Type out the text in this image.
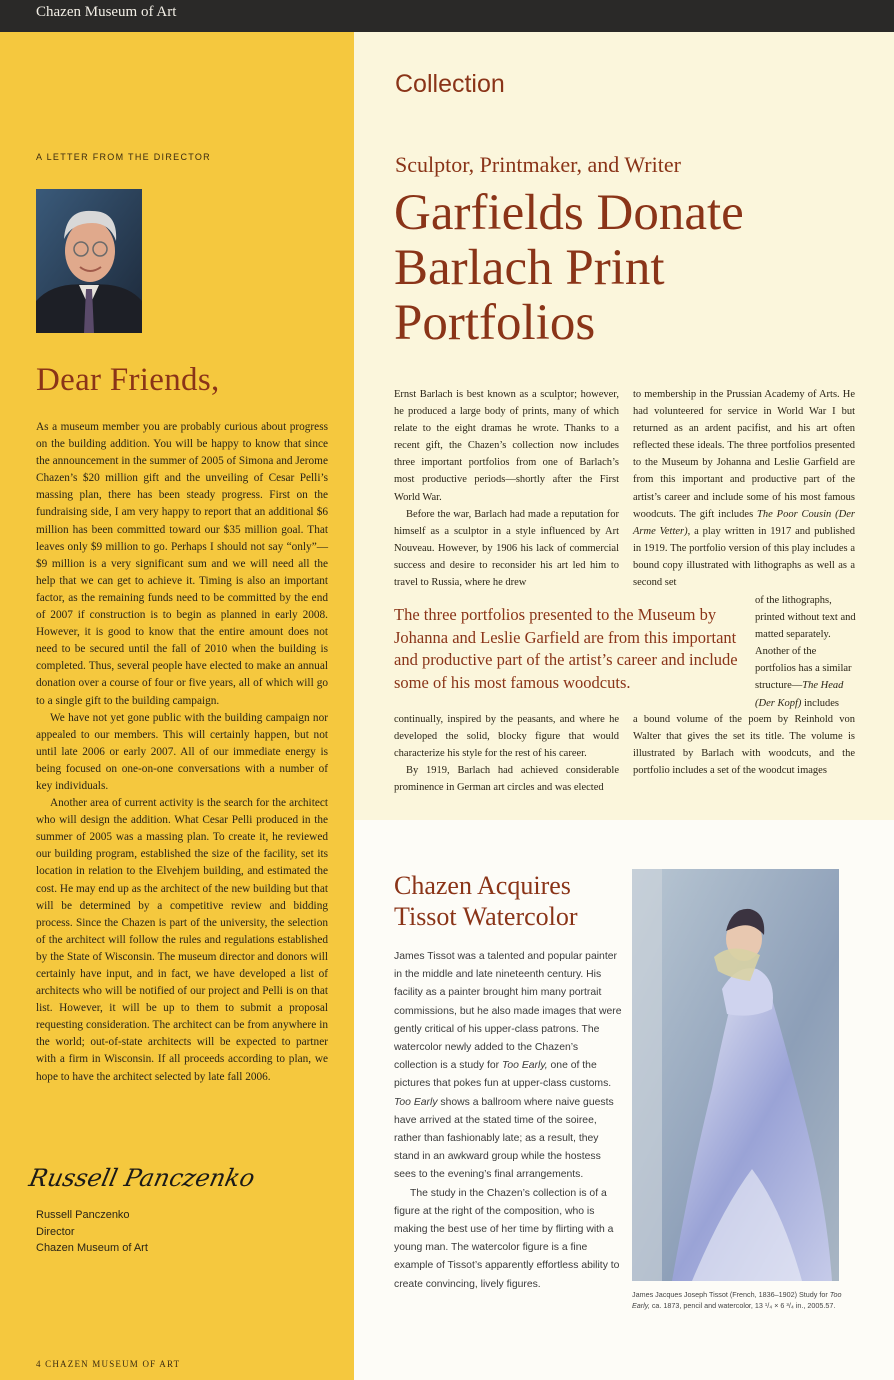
Chazen Museum of Art
A LETTER FROM THE DIRECTOR
Dear Friends,

As a museum member you are probably curious about progress on the building addition. You will be happy to know that since the announcement in the summer of 2005 of Simona and Jerome Chazen’s $20 million gift and the unveiling of Cesar Pelli’s massing plan, there has been steady progress. First on the fundraising side, I am very happy to report that an additional $6 million has been committed toward our $35 million goal. That leaves only $9 million to go. Perhaps I should not say “only”—$9 million is a very significant sum and we will need all the help that we can get to achieve it. Timing is also an important factor, as the remaining funds need to be committed by the end of 2007 if construction is to begin as planned in early 2008. However, it is good to know that the entire amount does not need to be secured until the fall of 2010 when the building is completed. Thus, several people have elected to make an annual donation over a course of four or five years, all of which will go to a single gift to the building campaign.

We have not yet gone public with the building campaign nor appealed to our members. This will certainly happen, but not until late 2006 or early 2007. All of our immediate energy is being focused on one-on-one conversations with a number of key individuals.

Another area of current activity is the search for the architect who will design the addition. What Cesar Pelli produced in the summer of 2005 was a massing plan. To create it, he reviewed our building program, established the size of the facility, set its location in relation to the Elvehjem building, and estimated the cost. He may end up as the architect of the new building but that will be determined by a competitive review and bidding process. Since the Chazen is part of the university, the selection of the architect will follow the rules and regulations established by the State of Wisconsin. The museum director and donors will certainly have input, and in fact, we have developed a list of architects who will be notified of our project and Pelli is on that list. However, it will be up to them to submit a proposal requesting consideration. The architect can be from anywhere in the world; out-of-state architects will be expected to partner with a firm in Wisconsin. If all proceeds according to plan, we hope to have the architect selected by late fall 2006.

Russell Panczenko
Russell Panczenko
Director
Chazen Museum of Art
4 CHAZEN MUSEUM OF ART
Collection
Sculptor, Printmaker, and Writer
Garfields Donate Barlach Print Portfolios

Ernst Barlach is best known as a sculptor; however, he produced a large body of prints, many of which relate to the eight dramas he wrote. Thanks to a recent gift, the Chazen’s collection now includes three important portfolios from one of Barlach’s most productive periods—shortly after the First World War.

Before the war, Barlach had made a reputation for himself as a sculptor in a style influenced by Art Nouveau. However, by 1906 his lack of commercial success and desire to reconsider his art led him to travel to Russia, where he drew

to membership in the Prussian Academy of Arts. He had volunteered for service in World War I but returned as an ardent pacifist, and his art often reflected these ideals. The three portfolios presented to the Museum by Johanna and Leslie Garfield are from this important and productive part of the artist’s career and include some of his most famous woodcuts. The gift includes The Poor Cousin (Der Arme Vetter), a play written in 1917 and published in 1919. The portfolio version of this play includes a bound copy illustrated with lithographs as well as a second set

The three portfolios presented to the Museum by Johanna and Leslie Garfield are from this important and productive part of the artist’s career and include some of his most famous woodcuts.

of the lithographs, printed without text and matted separately. Another of the portfolios has a similar structure—The Head (Der Kopf) includes

continually, inspired by the peasants, and where he developed the solid, blocky figure that would characterize his style for the rest of his career.

By 1919, Barlach had achieved considerable prominence in German art circles and was elected

a bound volume of the poem by Reinhold von Walter that gives the set its title. The volume is illustrated by Barlach with woodcuts, and the portfolio includes a set of the woodcut images

Chazen Acquires Tissot Watercolor

James Tissot was a talented and popular painter in the middle and late nineteenth century. His facility as a painter brought him many portrait commissions, but he also made images that were gently critical of his upper-class patrons. The watercolor newly added to the Chazen’s collection is a study for Too Early, one of the pictures that pokes fun at upper-class customs. Too Early shows a ballroom where naive guests have arrived at the stated time of the soiree, rather than fashionably late; as a result, they stand in an awkward group while the hostess sees to the evening’s final arrangements.

The study in the Chazen’s collection is of a figure at the right of the composition, who is making the best use of her time by flirting with a young man. The watercolor figure is a fine example of Tissot’s apparently effortless ability to create convincing, lively figures.

James Jacques Joseph Tissot (French, 1836–1902) Study for Too Early, ca. 1873, pencil and watercolor, 13 ¹/₄ × 6 ³/₄ in., 2005.57.
